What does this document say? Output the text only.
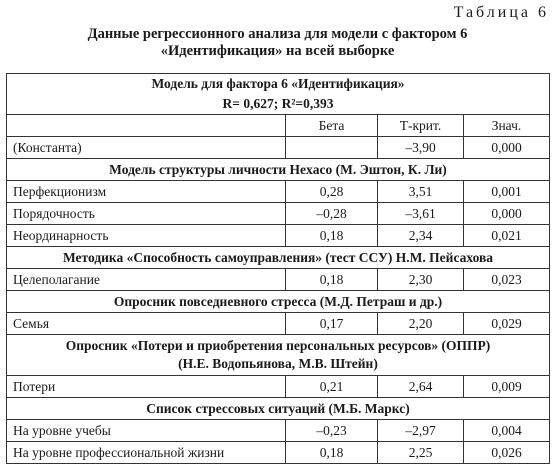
Таблица 6
Данные регрессионного анализа для модели с фактором 6
«Идентификация» на всей выборке
Модель для фактора 6 «Идентификация»
R= 0,627; R²=0,393			

	Бета	Т-крит.	Знач.
(Константа)		–3,90	0,000

Модель структуры личности Hexaco (М. Эштон, К. Ли)			

Перфекционизм	0,28	3,51	0,001
Порядочность	–0,28	–3,61	0,000
Неординарность	0,18	2,34	0,021

Методика «Способность самоуправления» (тест ССУ) Н.М. Пейсахова			

Целеполагание	0,18	2,30	0,023

Опросник повседневного стресса (М.Д. Петраш и др.)			

Семья	0,17	2,20	0,029

Опросник «Потери и приобретения персональных ресурсов» (ОППР)
(Н.Е. Водопьянова, М.В. Штейн)			

Потери	0,21	2,64	0,009

Список стрессовых ситуаций (М.Б. Маркс)			

На уровне учебы	–0,23	–2,97	0,004
На уровне профессиональной жизни	0,18	2,25	0,026
